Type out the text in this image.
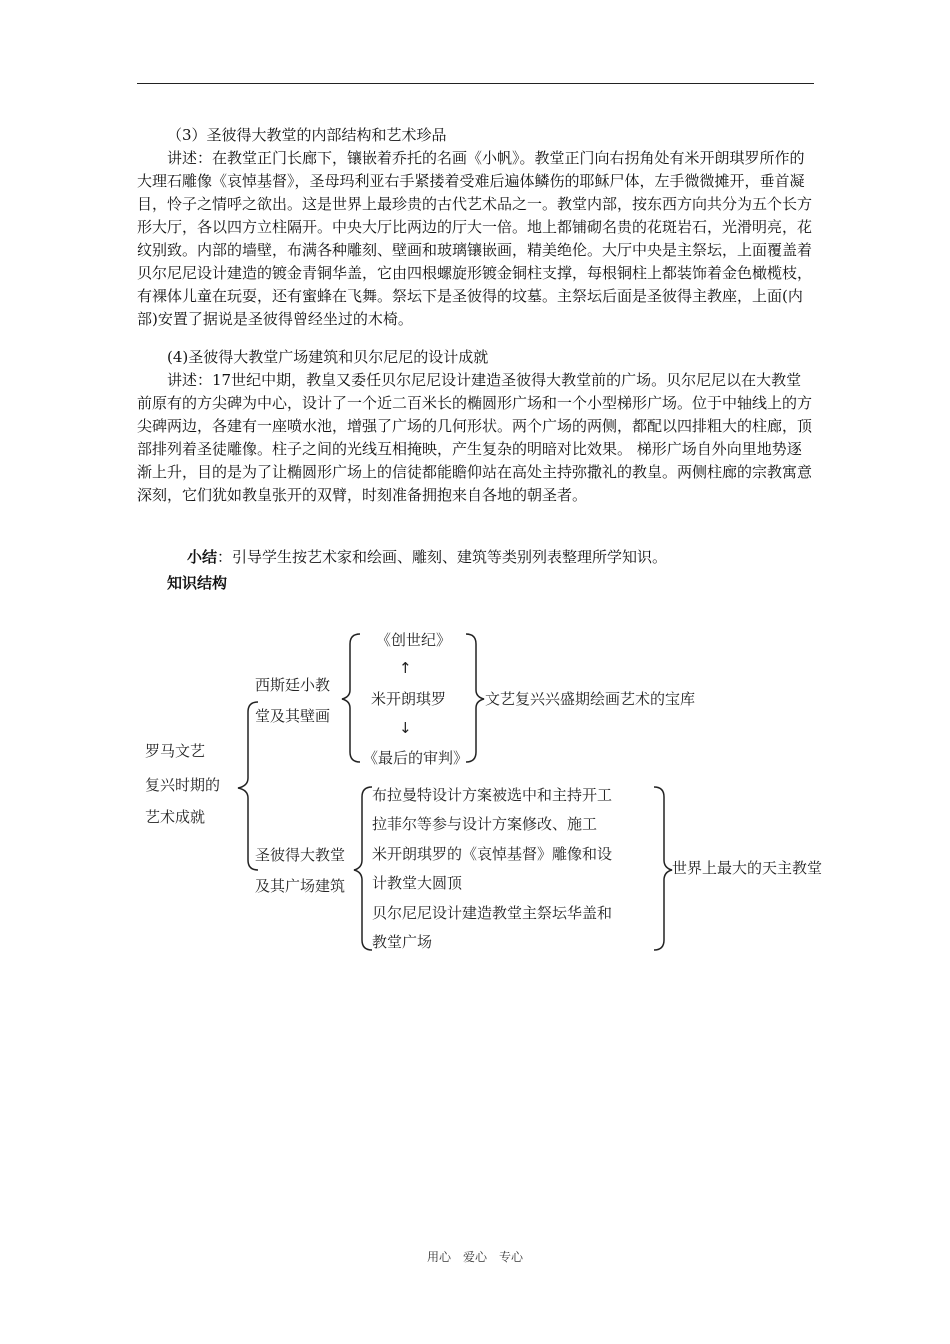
（3）圣彼得大教堂的内部结构和艺术珍品

讲述：在教堂正门长廊下，镶嵌着乔托的名画《小帆》。教堂正门向右拐角处有米开朗琪罗所作的大理石雕像《哀悼基督》，圣母玛利亚右手紧搂着受难后遍体鳞伤的耶稣尸体，左手微微摊开，垂首凝目，怜子之情呼之欲出。这是世界上最珍贵的古代艺术品之一。教堂内部，按东西方向共分为五个长方形大厅，各以四方立柱隔开。中央大厅比两边的厅大一倍。地上都铺砌名贵的花斑岩石，光滑明亮，花纹别致。内部的墙壁，布满各种雕刻、壁画和玻璃镶嵌画，精美绝伦。大厅中央是主祭坛，上面覆盖着贝尔尼尼设计建造的镀金青铜华盖，它由四根螺旋形镀金铜柱支撑，每根铜柱上都装饰着金色橄榄枝，有裸体儿童在玩耍，还有蜜蜂在飞舞。祭坛下是圣彼得的坟墓。主祭坛后面是圣彼得主教座，上面(内部)安置了据说是圣彼得曾经坐过的木椅。

(4)圣彼得大教堂广场建筑和贝尔尼尼的设计成就

讲述：17世纪中期，教皇又委任贝尔尼尼设计建造圣彼得大教堂前的广场。贝尔尼尼以在大教堂前原有的方尖碑为中心，设计了一个近二百米长的椭圆形广场和一个小型梯形广场。位于中轴线上的方尖碑两边，各建有一座喷水池，增强了广场的几何形状。两个广场的两侧，都配以四排粗大的柱廊，顶部排列着圣徒雕像。柱子之间的光线互相掩映，产生复杂的明暗对比效果。 梯形广场自外向里地势逐渐上升，目的是为了让椭圆形广场上的信徒都能瞻仰站在高处主持弥撒礼的教皇。两侧柱廊的宗教寓意深刻，它们犹如教皇张开的双臂，时刻准备拥抱来自各地的朝圣者。

小结：引导学生按艺术家和绘画、雕刻、建筑等类别列表整理所学知识。

知识结构

罗马文艺
复兴时期的
艺术成就
西斯廷小教
堂及其壁画
《创世纪》
↑
米开朗琪罗
↓
《最后的审判》
文艺复兴兴盛期绘画艺术的宝库
圣彼得大教堂
及其广场建筑
布拉曼特设计方案被选中和主持开工
拉菲尔等参与设计方案修改、施工
米开朗琪罗的《哀悼基督》雕像和设
计教堂大圆顶
贝尔尼尼设计建造教堂主祭坛华盖和
教堂广场
世界上最大的天主教堂
用心　爱心　专心
